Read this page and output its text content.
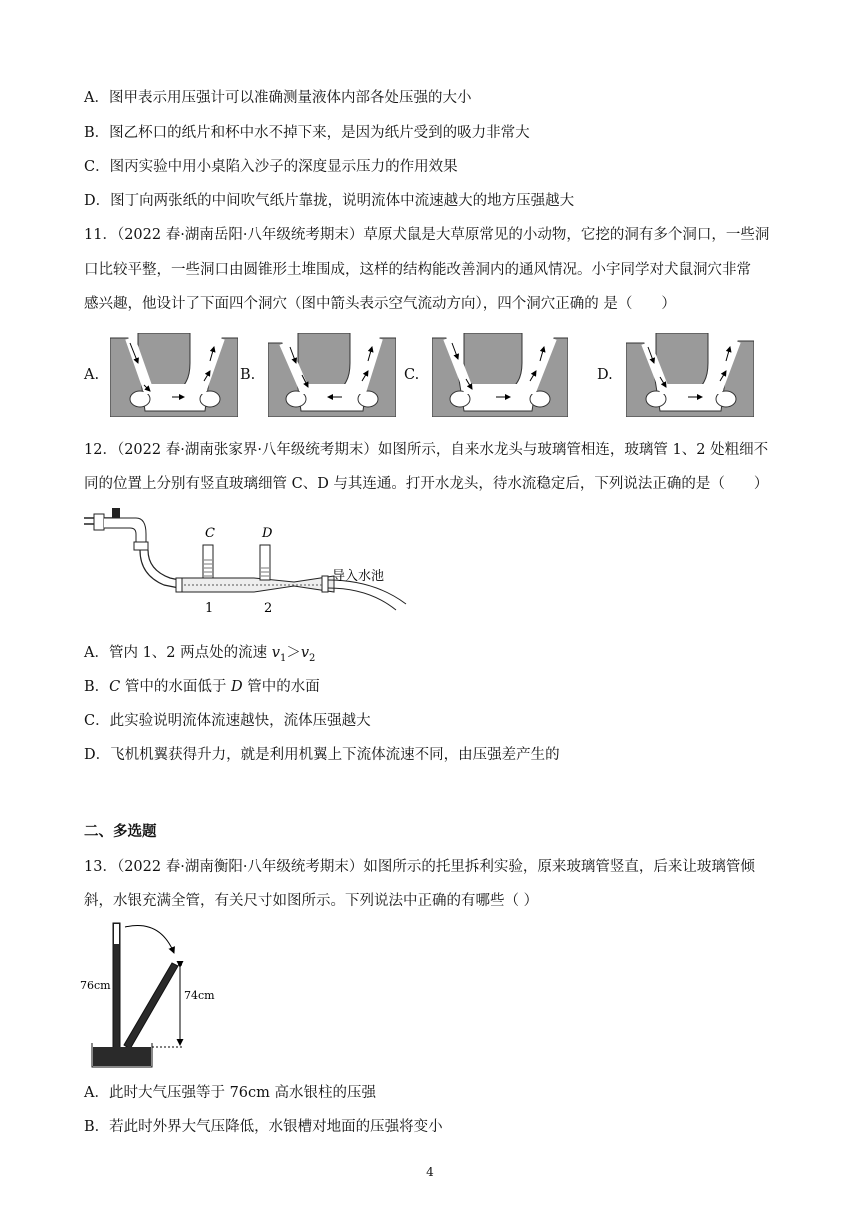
A．图甲表示用压强计可以准确测量液体内部各处压强的大小
B．图乙杯口的纸片和杯中水不掉下来，是因为纸片受到的吸力非常大
C．图丙实验中用小桌陷入沙子的深度显示压力的作用效果
D．图丁向两张纸的中间吹气纸片靠拢，说明流体中流速越大的地方压强越大
11．（2022 春·湖南岳阳·八年级统考期末）草原犬鼠是大草原常见的小动物，它挖的洞有多个洞口，一些洞
口比较平整，一些洞口由圆锥形土堆围成，这样的结构能改善洞内的通风情况。小宇同学对犬鼠洞穴非常
感兴趣，他设计了下面四个洞穴（图中箭头表示空气流动方向），四个洞穴正确的 是（　　）
A.	B.	C.	D.
12．（2022 春·湖南张家界·八年级统考期末）如图所示，自来水龙头与玻璃管相连，玻璃管 1、2 处粗细不
同的位置上分别有竖直玻璃细管 C、D 与其连通。打开水龙头，待水流稳定后，下列说法正确的是（　　）
C	D
1	2
导入水池
A．管内 1、2 两点处的流速 $v_1>v_2$
B．C 管中的水面低于 D 管中的水面
C．此实验说明流体流速越快，流体压强越大
D．飞机机翼获得升力，就是利用机翼上下流体流速不同，由压强差产生的
二、多选题
13．（2022 春·湖南衡阳·八年级统考期末）如图所示的托里拆利实验，原来玻璃管竖直，后来让玻璃管倾
斜，水银充满全管，有关尺寸如图所示。下列说法中正确的有哪些（ ）
76cm
74cm
A．此时大气压强等于 76cm 高水银柱的压强
B．若此时外界大气压降低，水银槽对地面的压强将变小
4
